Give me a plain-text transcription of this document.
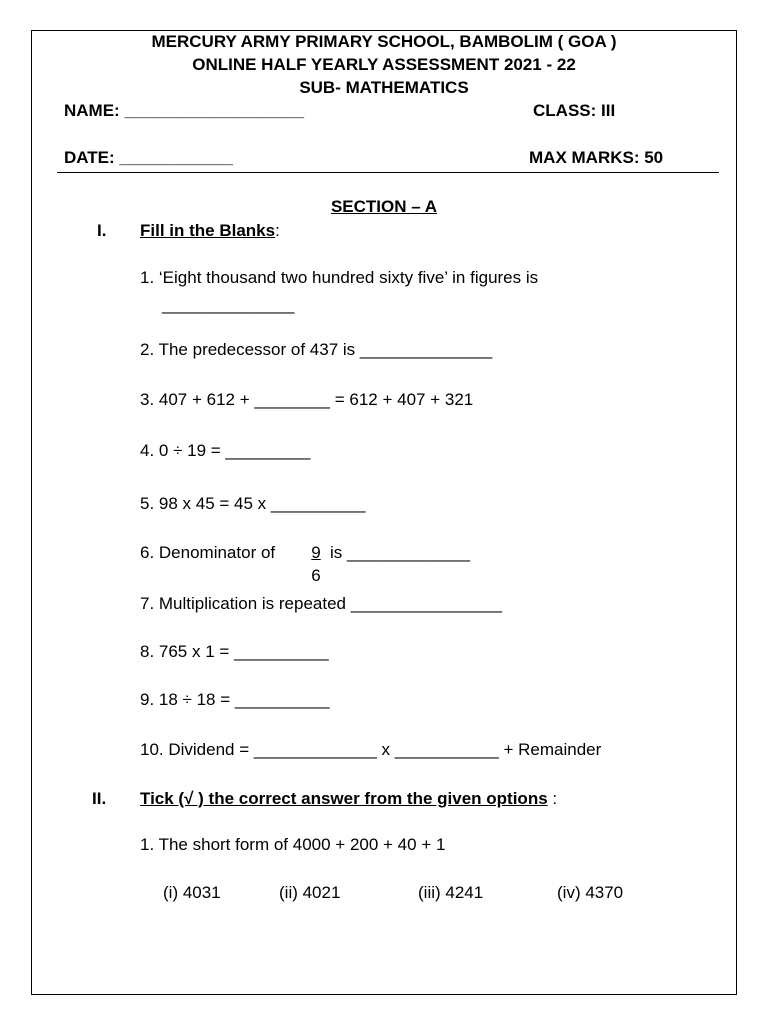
MERCURY ARMY PRIMARY SCHOOL, BAMBOLIM ( GOA )
ONLINE HALF YEARLY ASSESSMENT 2021 - 22
SUB- MATHEMATICS
NAME: ___________________	CLASS: III
DATE: ____________	MAX MARKS: 50
SECTION – A
I. Fill in the Blanks:
1. ‘Eight thousand two hundred sixty five’ in figures is
______________
2. The predecessor of 437 is ______________
3. 407 + 612 + ________ = 612 + 407 + 321
4. 0 ÷ 19 = _________
5. 98 x 45 = 45 x __________
6. Denominator of $\frac{9}{6}$ is _____________
7. Multiplication is repeated ________________
8. 765 x 1 = __________
9. 18 ÷ 18 = __________
10. Dividend = _____________ x ___________ + Remainder
II. Tick (√ ) the correct answer from the given options :
1. The short form of 4000 + 200 + 40 + 1
(i) 4031	(ii) 4021	(iii) 4241	(iv) 4370
